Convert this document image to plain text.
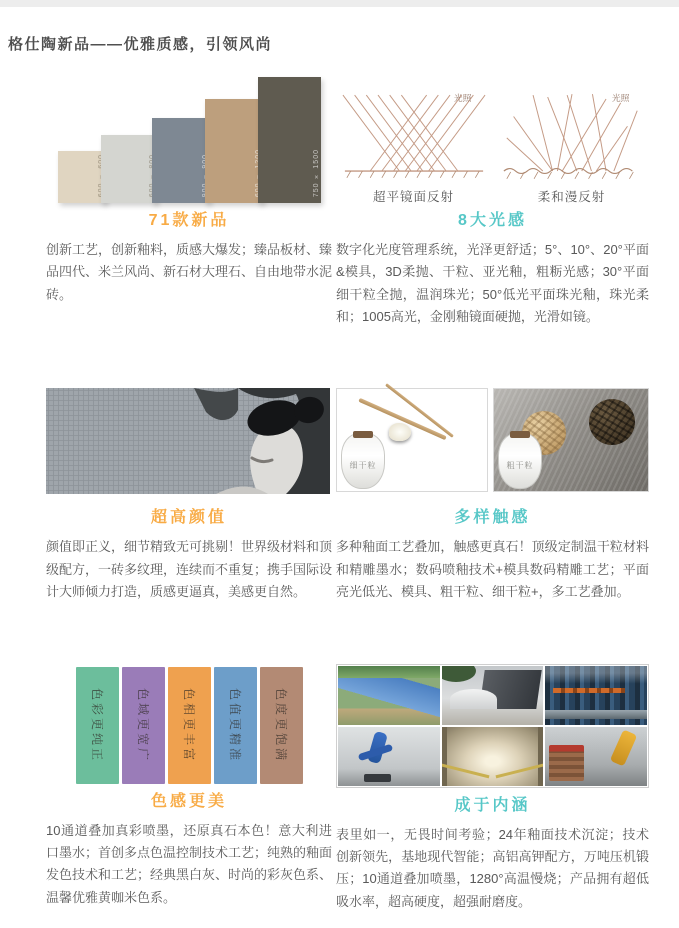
格仕陶新品——优雅质感，引领风尚
750 × 1500
71款新品

创新工艺，创新釉料，质感大爆发；臻品板材、臻品四代、米兰风尚、新石材大理石、自由地带水泥砖。

光照
超平镜面反射
光照
柔和漫反射
8大光感

数字化光度管理系统，光泽更舒适；5°、10°、20°平面&模具，3D柔抛、干粒、亚光釉，粗粝光感；30°平面细干粒全抛，温润珠光；50°低光平面珠光釉，珠光柔和；1005高光，金刚釉镜面硬抛，光滑如镜。

超高颜值

颜值即正义，细节精致无可挑剔！世界级材料和顶级配方，一砖多纹理，连续而不重复；携手国际设计大师倾力打造，质感更逼真，美感更自然。

细干粒	粗干粒
多样触感

多种釉面工艺叠加，触感更真石！顶级定制温干粒材料和精雕墨水；数码喷釉技术+模具数码精雕工艺；平面亮光低光、模具、粗干粒、细干粒+，多工艺叠加。

色彩更纯正	色域更宽广	色相更丰富	色值更精准	色度更饱满
色感更美

10通道叠加真彩喷墨，还原真石本色！意大利进口墨水；首创多点色温控制技术工艺；纯熟的釉面发色技术和工艺；经典黑白灰、时尚的彩灰色系、温馨优雅黄咖米色系。

成于内涵

表里如一，无畏时间考验；24年釉面技术沉淀；技术创新领先，基地现代智能；高铝高钾配方，万吨压机锻压；10通道叠加喷墨，1280°高温慢烧；产品拥有超低吸水率，超高硬度，超强耐磨度。
